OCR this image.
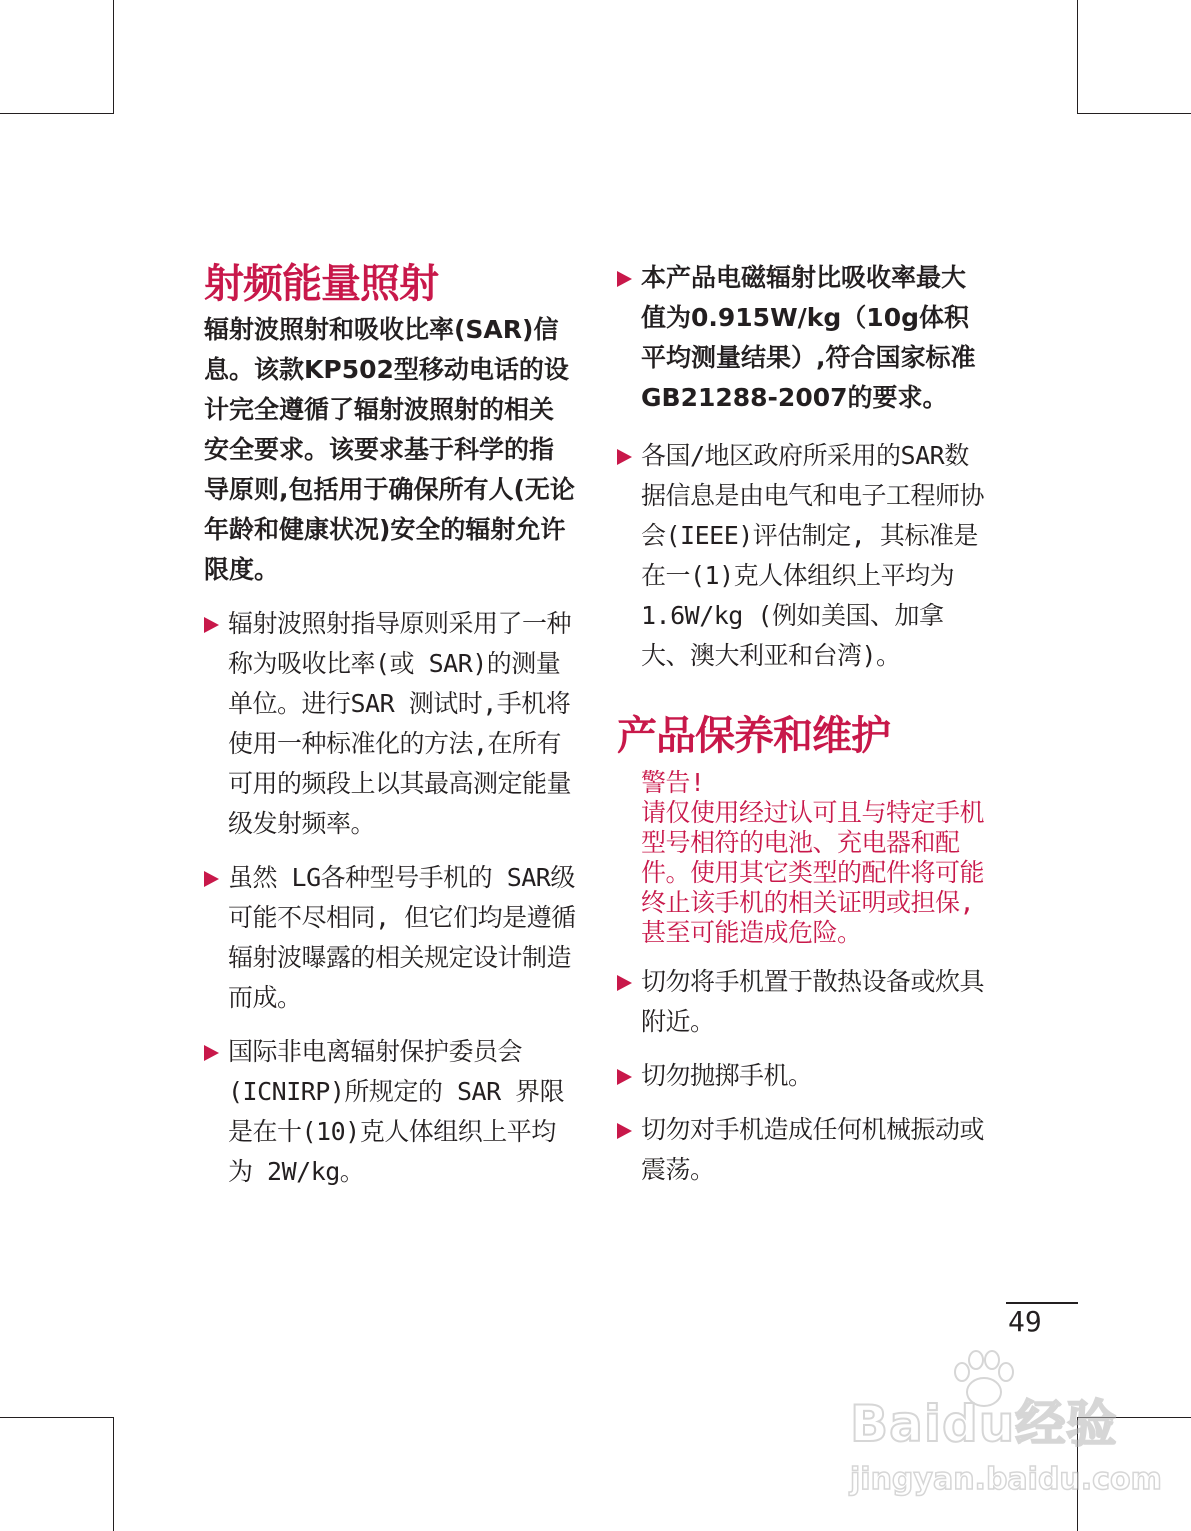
射频能量照射

辐射波照射和吸收比率(SAR)信息。该款KP502型移动电话的设计完全遵循了辐射波照射的相关安全要求。该要求基于科学的指导原则,包括用于确保所有人(无论年龄和健康状况)安全的辐射允许限度。

辐射波照射指导原则采用了一种称为吸收比率(或 SAR)的测量单位。进行SAR 测试时,手机将使用一种标准化的方法,在所有可用的频段上以其最高测定能量级发射频率。
虽然 LG各种型号手机的 SAR级可能不尽相同, 但它们均是遵循辐射波曝露的相关规定设计制造而成。
国际非电离辐射保护委员会(ICNIRP)所规定的 SAR 界限是在十(10)克人体组织上平均为 2W/kg。
本产品电磁辐射比吸收率最大值为0.915W/kg（10g体积平均测量结果）,符合国家标准GB21288-2007的要求。
各国/地区政府所采用的SAR数据信息是由电气和电子工程师协会(IEEE)评估制定, 其标准是在一(1)克人体组织上平均为 1.6W/kg (例如美国、加拿大、澳大利亚和台湾)。
产品保养和维护

警告!

请仅使用经过认可且与特定手机型号相符的电池、充电器和配件。使用其它类型的配件将可能终止该手机的相关证明或担保, 甚至可能造成危险。

切勿将手机置于散热设备或炊具附近。
切勿抛掷手机。
切勿对手机造成任何机械振动或震荡。
49
Baidu经验
jingyan.baidu.com
